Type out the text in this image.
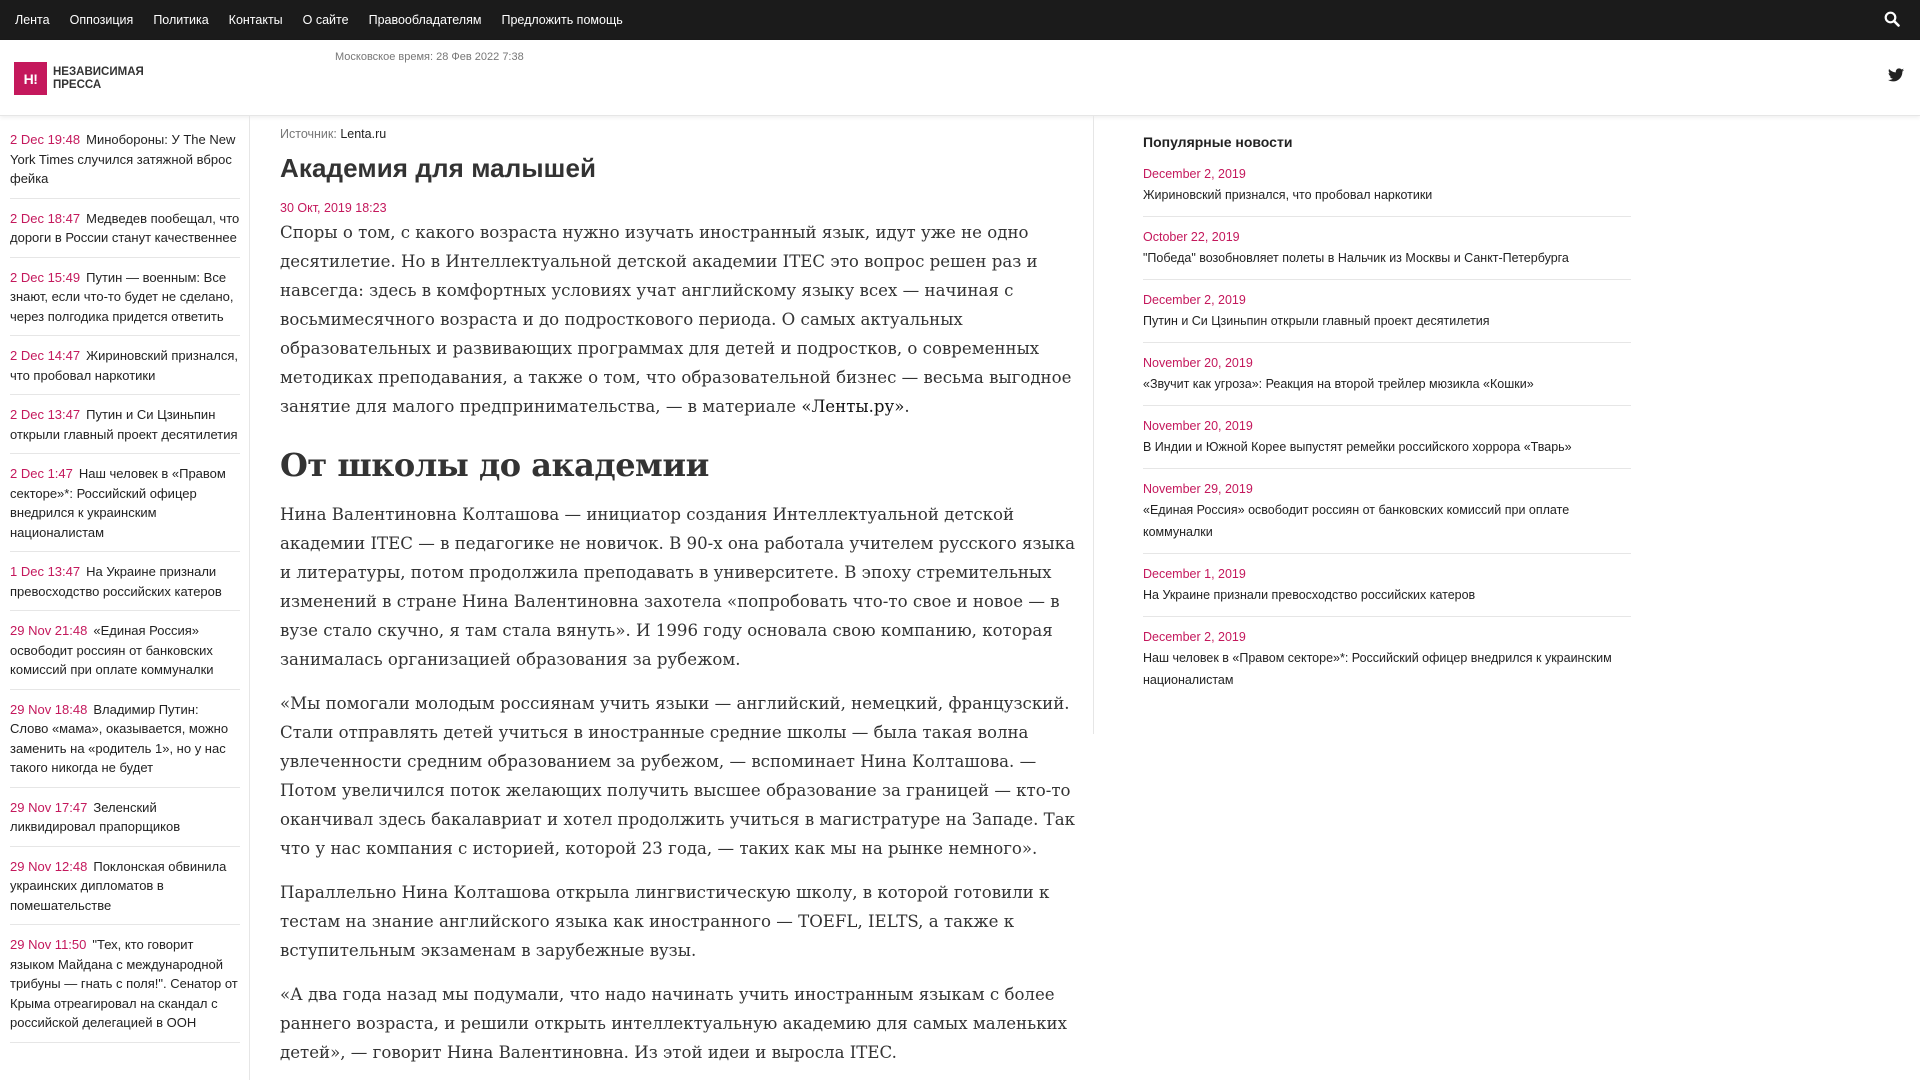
Лента Оппозиция Политика Контакты О сайте Правообладателям Предложить помощь
Н!	НЕЗАВИСИМАЯ
ПРЕССА
Московское время: 28 Фев 2022 7:38
2 Dec 19:48 Минобороны: У The New York Times случился затяжной вброс фейка
2 Dec 18:47 Медведев пообещал, что дороги в России станут качественнее
2 Dec 15:49 Путин — военным: Все знают, если что-то будет не сделано, через полгодика придется ответить
2 Dec 14:47 Жириновский признался, что пробовал наркотики
2 Dec 13:47 Путин и Си Цзиньпин открыли главный проект десятилетия
2 Dec 1:47 Наш человек в «Правом секторе»*: Российский офицер внедрился к украинским националистам
1 Dec 13:47 На Украине признали превосходство российских катеров
29 Nov 21:48 «Единая Россия» освободит россиян от банковских комиссий при оплате коммуналки
29 Nov 18:48 Владимир Путин: Слово «мама», оказывается, можно заменить на «родитель 1», но у нас такого никогда не будет
29 Nov 17:47 Зеленский ликвидировал прапорщиков
29 Nov 12:48 Поклонская обвинила украинских дипломатов в помешательстве
29 Nov 11:50 "Тех, кто говорит языком Майдана с международной трибуны — гнать с поля!". Сенатор от Крыма отреагировал на скандал с российской делегацией в ООН
Источник: Lenta.ru
Академия для малышей
30 Окт, 2019 18:23

Споры о том, с какого возраста нужно изучать иностранный язык, идут уже не одно десятилетие. Но в Интеллектуальной детской академии ITEC это вопрос решен раз и навсегда: здесь в комфортных условиях учат английскому языку всех — начиная с восьмимесячного возраста и до подросткового периода. О самых актуальных образовательных и развивающих программах для детей и подростков, о современных методиках преподавания, а также о том, что образовательной бизнес — весьма выгодное занятие для малого предпринимательства, — в материале «Ленты.ру».

От школы до академии

Нина Валентиновна Колташова — инициатор создания Интеллектуальной детской академии ITEC — в педагогике не новичок. В 90-х она работала учителем русского языка и литературы, потом продолжила преподавать в университете. В эпоху стремительных изменений в стране Нина Валентиновна захотела «попробовать что-то свое и новое — в вузе стало скучно, я там стала вянуть». И 1996 году основала свою компанию, которая занималась организацией образования за рубежом.

«Мы помогали молодым россиянам учить языки — английский, немецкий, французский. Стали отправлять детей учиться в иностранные средние школы — была такая волна увлеченности средним образованием за рубежом, — вспоминает Нина Колташова. — Потом увеличился поток желающих получить высшее образование за границей — кто-то оканчивал здесь бакалавриат и хотел продолжить учиться в магистратуре на Западе. Так что у нас компания с историей, которой 23 года, — таких как мы на рынке немного».

Параллельно Нина Колташова открыла лингвистическую школу, в которой готовили к тестам на знание английского языка как иностранного — TOEFL, IELTS, а также к вступительным экзаменам в зарубежные вузы.

«А два года назад мы подумали, что надо начинать учить иностранным языкам с более раннего возраста, и решили открыть интеллектуальную академию для самых маленьких детей», — говорит Нина Валентиновна. Из этой идеи и выросла ITEC.

Популярные новости
December 2, 2019
Жириновский признался, что пробовал наркотики
October 22, 2019
"Победа" возобновляет полеты в Нальчик из Москвы и Санкт-Петербурга
December 2, 2019
Путин и Си Цзиньпин открыли главный проект десятилетия
November 20, 2019
«Звучит как угроза»: Реакция на второй трейлер мюзикла «Кошки»
November 20, 2019
В Индии и Южной Корее выпустят ремейки российского хоррора «Тварь»
November 29, 2019
«Единая Россия» освободит россиян от банковских комиссий при оплате коммуналки
December 1, 2019
На Украине признали превосходство российских катеров
December 2, 2019
Наш человек в «Правом секторе»*: Российский офицер внедрился к украинским националистам
